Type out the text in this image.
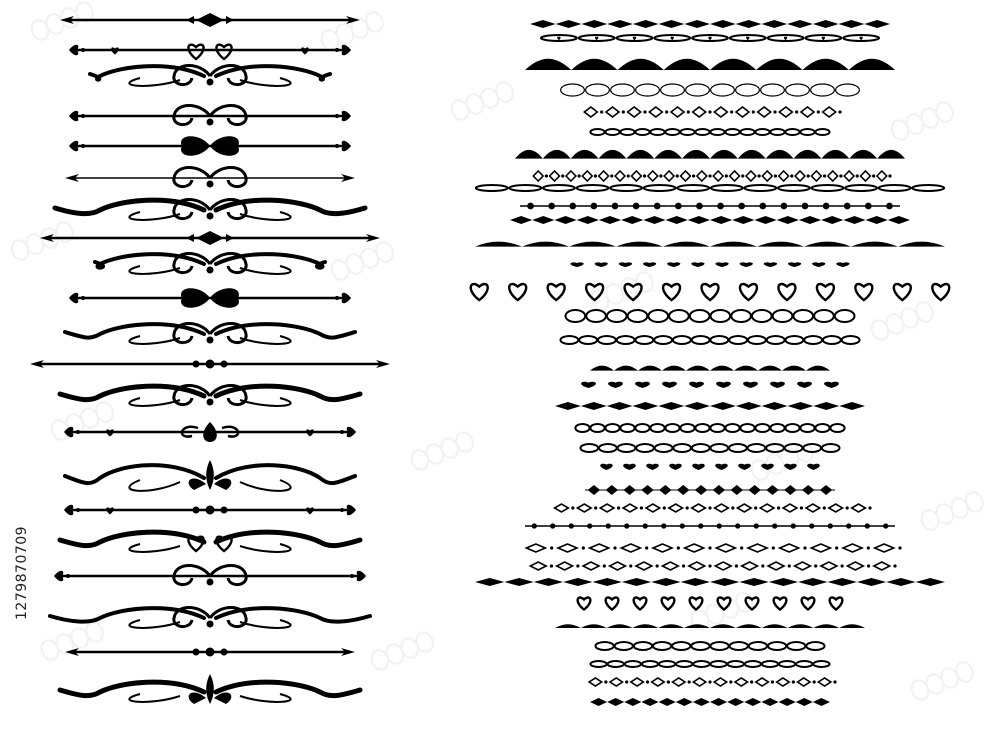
1279870709
